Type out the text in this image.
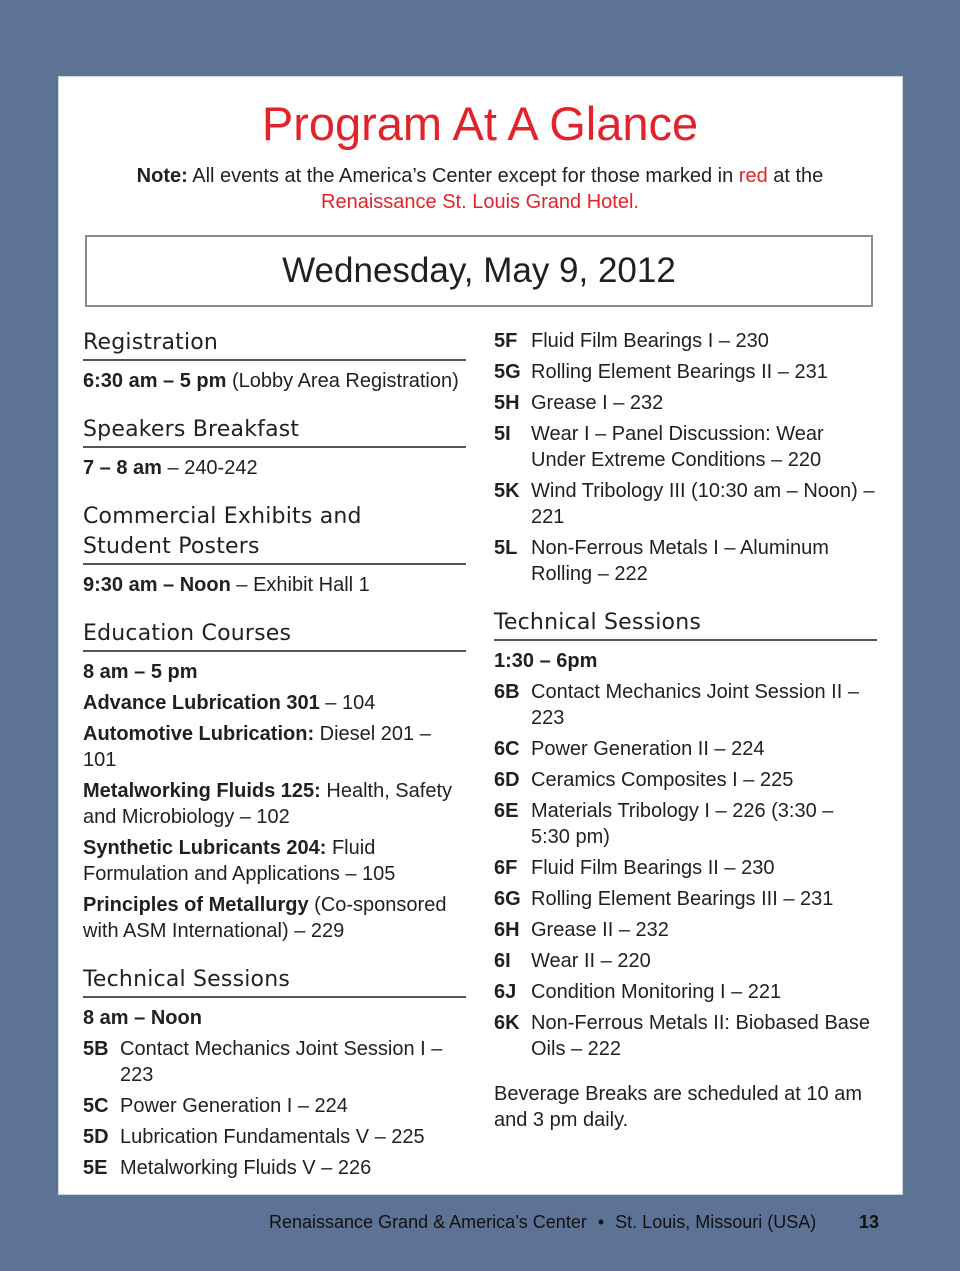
Program At A Glance
Note: All events at the America’s Center except for those marked in red at the
Renaissance St. Louis Grand Hotel.
Wednesday, May 9, 2012
Registration
6:30 am – 5 pm (Lobby Area Registration)
Speakers Breakfast
7 – 8 am – 240-242
Commercial Exhibits and Student Posters
9:30 am – Noon – Exhibit Hall 1
Education Courses
8 am – 5 pm
Advance Lubrication 301 – 104
Automotive Lubrication: Diesel 201 – 101
Metalworking Fluids 125: Health, Safety and Microbiology – 102
Synthetic Lubricants 204: Fluid Formulation and Applications – 105
Principles of Metallurgy (Co-sponsored with ASM International) – 229
Technical Sessions
8 am – Noon
5B Contact Mechanics Joint Session I – 223
5C Power Generation I – 224
5D Lubrication Fundamentals V – 225
5E Metalworking Fluids V – 226
5F Fluid Film Bearings I – 230
5G Rolling Element Bearings II – 231
5H Grease I – 232
5I	Wear I – Panel Discussion: Wear Under Extreme Conditions – 220
5K Wind Tribology III (10:30 am – Noon) – 221
5L Non-Ferrous Metals I – Aluminum Rolling – 222
Technical Sessions
1:30 – 6pm
6B Contact Mechanics Joint Session II – 223
6C Power Generation II – 224
6D Ceramics Composites I – 225
6E Materials Tribology I – 226 (3:30 – 5:30 pm)
6F Fluid Film Bearings II – 230
6G Rolling Element Bearings III – 231
6H Grease II – 232
6I	Wear II – 220
6J Condition Monitoring I – 221
6K Non-Ferrous Metals II: Biobased Base Oils – 222
Beverage Breaks are scheduled at 10 am and 3 pm daily.
Renaissance Grand & America’s Center • St. Louis, Missouri (USA) 13
